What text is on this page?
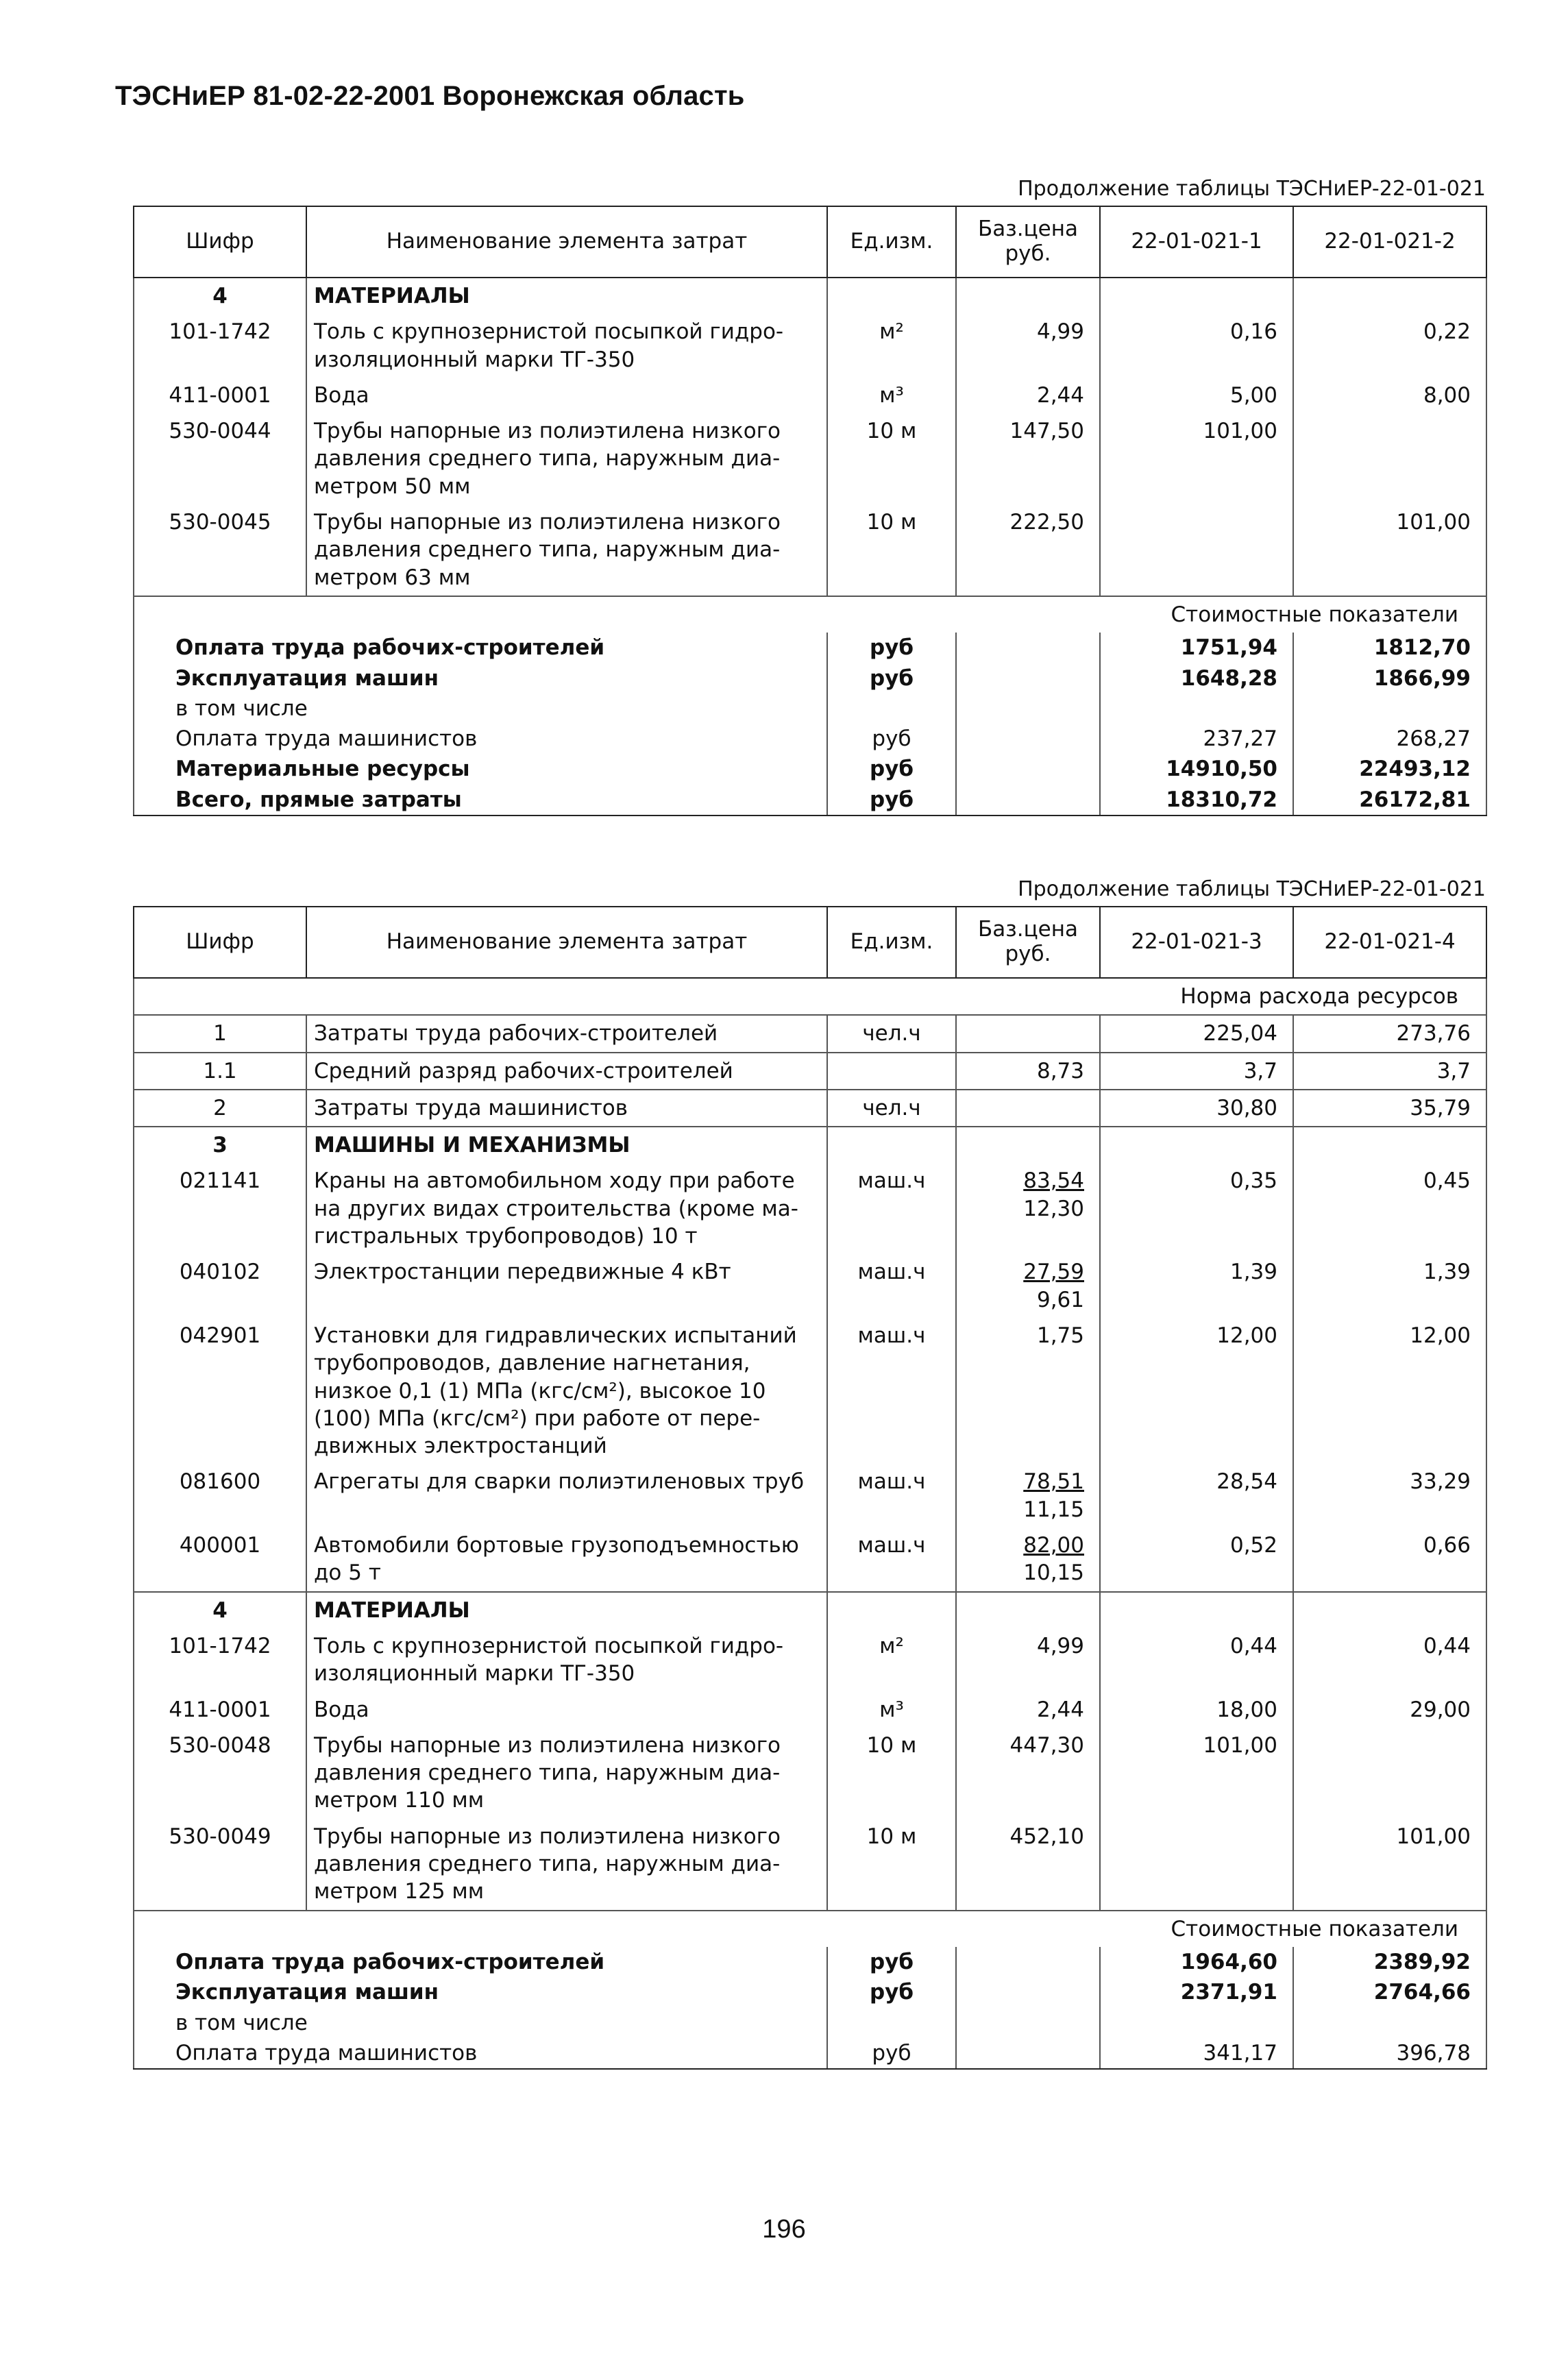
ТЭСНиЕР 81-02-22-2001 Воронежская область
Продолжение таблицы ТЭСНиЕР-22-01-021
Шифр	Наименование элемента затрат	Ед.изм.	Баз.цена
руб.	22-01-021-1	22-01-021-2
4	МАТЕРИАЛЫ				
101-1742	Толь с крупнозернистой посыпкой гидро-изоляционный марки ТГ-350	м²	4,99	0,16	0,22
411-0001	Вода	м³	2,44	5,00	8,00
530-0044	Трубы напорные из полиэтилена низкого давления среднего типа, наружным диа-метром 50 мм	10 м	147,50	101,00	
530-0045	Трубы напорные из полиэтилена низкого давления среднего типа, наружным диа-метром 63 мм	10 м	222,50		101,00
Стоимостные показатели					
Оплата труда рабочих-строителей		руб		1751,94	1812,70
Эксплуатация машин		руб		1648,28	1866,99
в том числе					
Оплата труда машинистов		руб		237,27	268,27
Материальные ресурсы		руб		14910,50	22493,12
Всего, прямые затраты		руб		18310,72	26172,81
Продолжение таблицы ТЭСНиЕР-22-01-021
Шифр	Наименование элемента затрат	Ед.изм.	Баз.цена
руб.	22-01-021-3	22-01-021-4
Норма расхода ресурсов					
1	Затраты труда рабочих-строителей	чел.ч		225,04	273,76
1.1	Средний разряд рабочих-строителей		8,73	3,7	3,7
2	Затраты труда машинистов	чел.ч		30,80	35,79
3	МАШИНЫ И МЕХАНИЗМЫ				
021141	Краны на автомобильном ходу при работе на других видах строительства (кроме ма-гистральных трубопроводов) 10 т	маш.ч	$\frac{83,54}{12,30}$	0,35	0,45
040102	Электростанции передвижные 4 кВт	маш.ч	$\frac{27,59}{9,61}$	1,39	1,39
042901	Установки для гидравлических испытаний трубопроводов, давление нагнетания, низкое 0,1 (1) МПа (кгс/см²), высокое 10 (100) МПа (кгс/см²) при работе от пере-движных электростанций	маш.ч	1,75	12,00	12,00
081600	Агрегаты для сварки полиэтиленовых труб	маш.ч	$\frac{78,51}{11,15}$	28,54	33,29
400001	Автомобили бортовые грузоподъемностью до 5 т	маш.ч	$\frac{82,00}{10,15}$	0,52	0,66
4	МАТЕРИАЛЫ				
101-1742	Толь с крупнозернистой посыпкой гидро-изоляционный марки ТГ-350	м²	4,99	0,44	0,44
411-0001	Вода	м³	2,44	18,00	29,00
530-0048	Трубы напорные из полиэтилена низкого давления среднего типа, наружным диа-метром 110 мм	10 м	447,30	101,00	
530-0049	Трубы напорные из полиэтилена низкого давления среднего типа, наружным диа-метром 125 мм	10 м	452,10		101,00
Стоимостные показатели					
Оплата труда рабочих-строителей		руб		1964,60	2389,92
Эксплуатация машин		руб		2371,91	2764,66
в том числе					
Оплата труда машинистов		руб		341,17	396,78
196
